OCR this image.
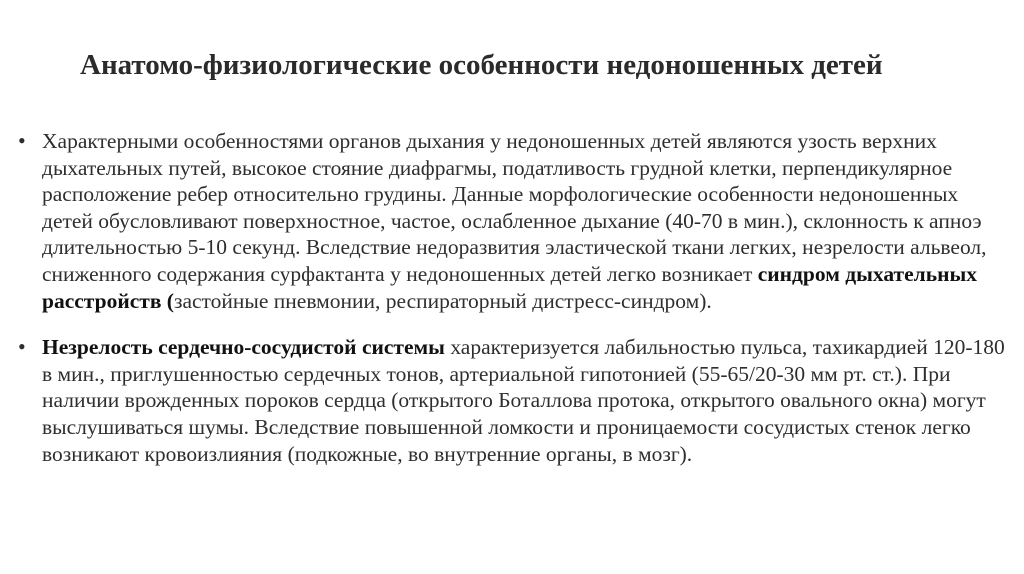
Анатомо-физиологические особенности недоношенных детей
• Характерными особенностями органов дыхания у недоношенных детей являются узость верхних дыхательных путей, высокое стояние диафрагмы, податливость грудной клетки, перпендикулярное расположение ребер относительно грудины. Данные морфологические особенности недоношенных детей обусловливают поверхностное, частое, ослабленное дыхание (40-70 в мин.), склонность к апноэ длительностью 5-10 секунд. Вследствие недоразвития эластической ткани легких, незрелости альвеол, сниженного содержания сурфактанта у недоношенных детей легко возникает синдром дыхательных расстройств (застойные пневмонии, респираторный дистресс-синдром).
• Незрелость сердечно-сосудистой системы характеризуется лабильностью пульса, тахикардией 120-180 в мин., приглушенностью сердечных тонов, артериальной гипотонией (55-65/20-30 мм рт. ст.). При наличии врожденных пороков сердца (открытого Боталлова протока, открытого овального окна) могут выслушиваться шумы. Вследствие повышенной ломкости и проницаемости сосудистых стенок легко возникают кровоизлияния (подкожные, во внутренние органы, в мозг).
